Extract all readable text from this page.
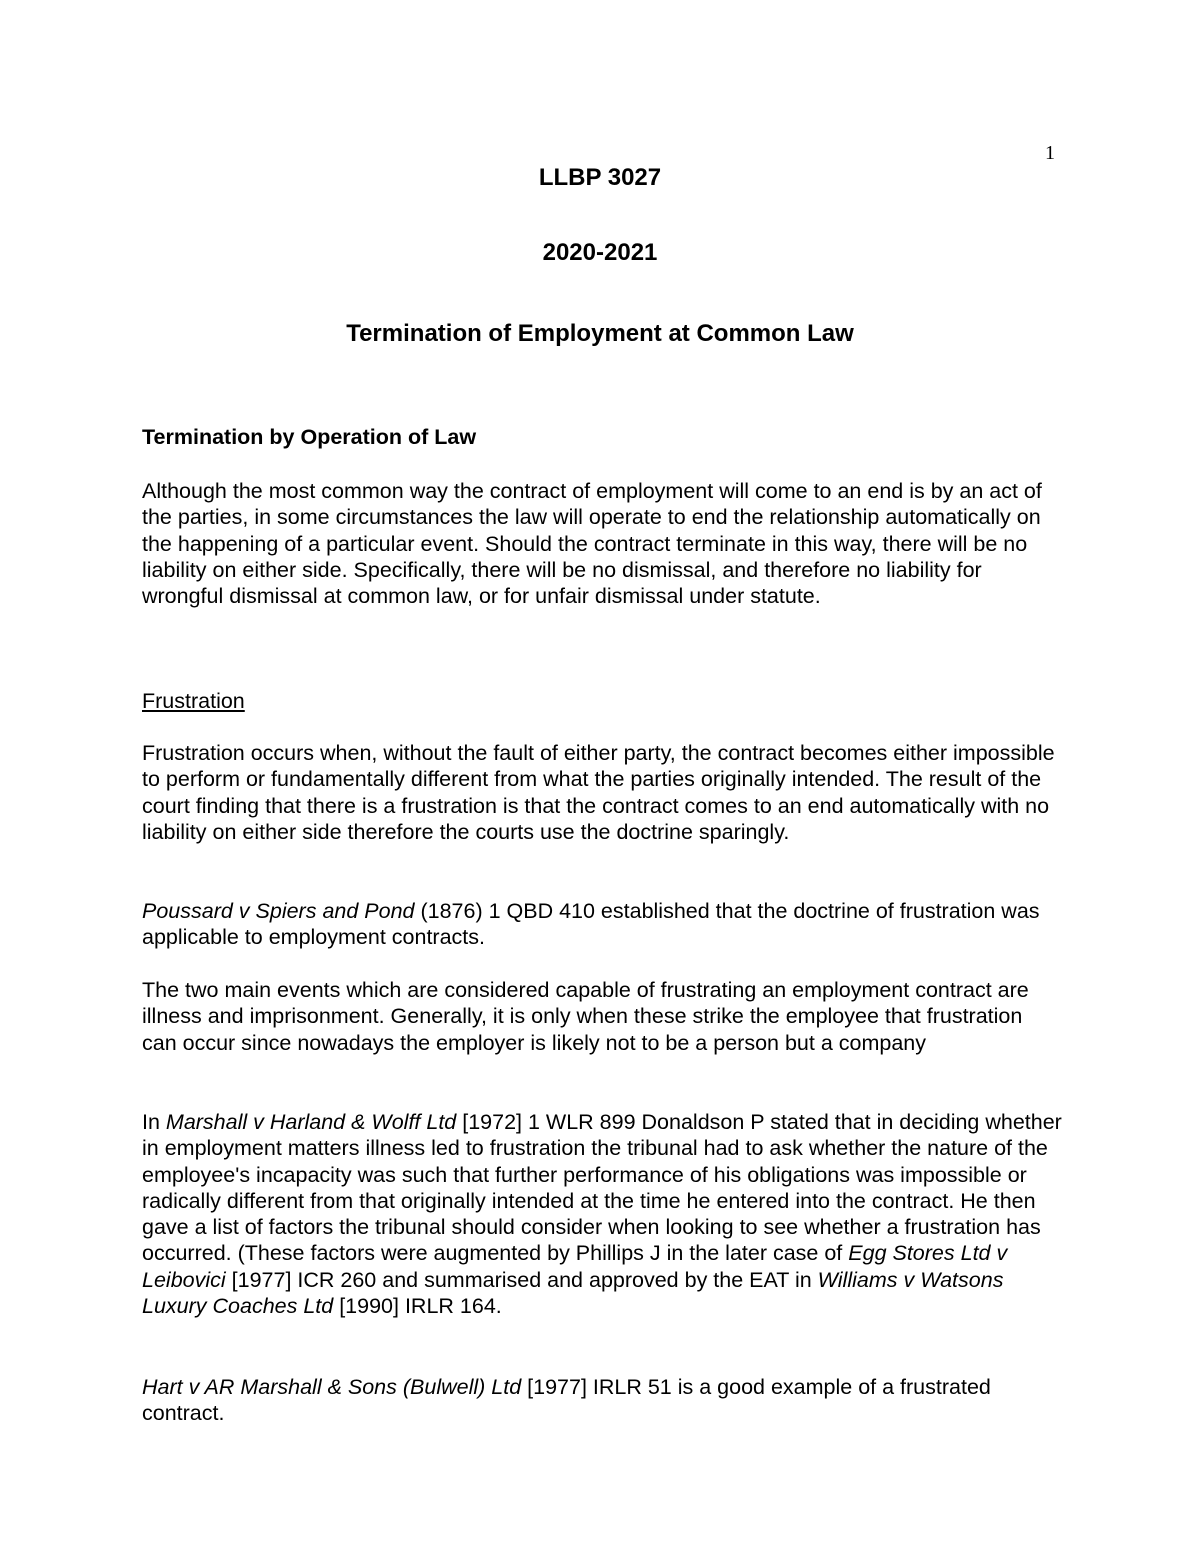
1
LLBP 3027
2020-2021
Termination of Employment at Common Law
Termination by Operation of Law

Although the most common way the contract of employment will come to an end is by an act of the parties, in some circumstances the law will operate to end the relationship automatically on the happening of a particular event. Should the contract terminate in this way, there will be no liability on either side. Specifically, there will be no dismissal, and therefore no liability for wrongful dismissal at common law, or for unfair dismissal under statute.

Frustration

Frustration occurs when, without the fault of either party, the contract becomes either impossible to perform or fundamentally different from what the parties originally intended. The result of the court finding that there is a frustration is that the contract comes to an end automatically with no liability on either side therefore the courts use the doctrine sparingly.

Poussard v Spiers and Pond (1876) 1 QBD 410 established that the doctrine of frustration was applicable to employment contracts.

The two main events which are considered capable of frustrating an employment contract are illness and imprisonment. Generally, it is only when these strike the employee that frustration can occur since nowadays the employer is likely not to be a person but a company

In Marshall v Harland & Wolff Ltd [1972] 1 WLR 899 Donaldson P stated that in deciding whether in employment matters illness led to frustration the tribunal had to ask whether the nature of the employee's incapacity was such that further performance of his obligations was impossible or radically different from that originally intended at the time he entered into the contract. He then gave a list of factors the tribunal should consider when looking to see whether a frustration has occurred. (These factors were augmented by Phillips J in the later case of Egg Stores Ltd v Leibovici [1977] ICR 260 and summarised and approved by the EAT in Williams v Watsons Luxury Coaches Ltd [1990] IRLR 164.

Hart v AR Marshall & Sons (Bulwell) Ltd [1977] IRLR 51 is a good example of a frustrated contract.
